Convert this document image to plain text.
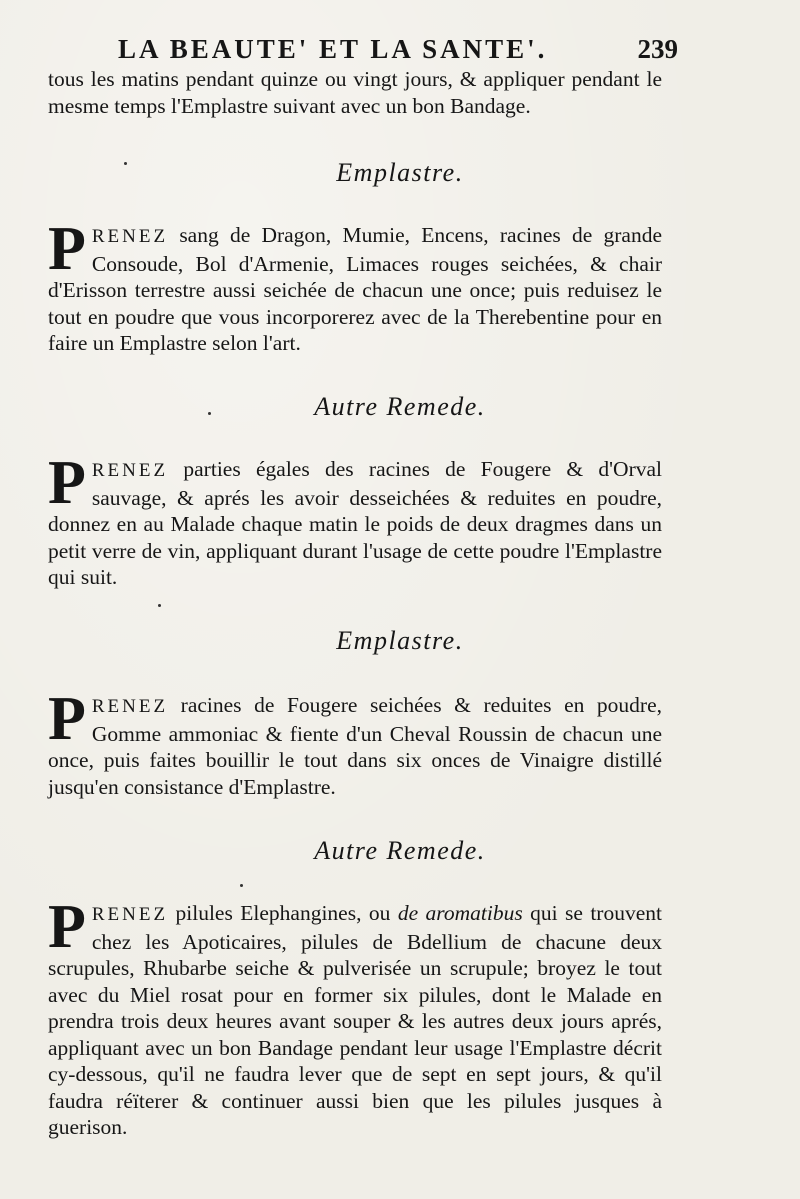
LA BEAUTE' ET LA SANTE'.	239
tous les matins pendant quinze ou vingt jours, & appliquer pendant le mesme temps l'Emplastre suivant avec un bon Bandage.
Emplastre.
PRENEZ sang de Dragon, Mumie, Encens, racines de grande Consoude, Bol d'Armenie, Limaces rouges seichées, & chair d'Erisson terrestre aussi seichée de chacun une once; puis reduisez le tout en poudre que vous incorporerez avec de la Therebentine pour en faire un Emplastre selon l'art.
Autre Remede.
PRENEZ parties égales des racines de Fougere & d'Orval sauvage, & aprés les avoir desseichées & reduites en poudre, donnez en au Malade chaque matin le poids de deux dragmes dans un petit verre de vin, appliquant durant l'usage de cette poudre l'Emplastre qui suit.
Emplastre.
PRENEZ racines de Fougere seichées & reduites en poudre, Gomme ammoniac & fiente d'un Cheval Roussin de chacun une once, puis faites bouillir le tout dans six onces de Vinaigre distillé jusqu'en consistance d'Emplastre.
Autre Remede.
PRENEZ pilules Elephangines, ou de aromatibus qui se trouvent chez les Apoticaires, pilules de Bdellium de chacune deux scrupules, Rhubarbe seiche & pulverisée un scrupule; broyez le tout avec du Miel rosat pour en former six pilules, dont le Malade en prendra trois deux heures avant souper & les autres deux jours aprés, appliquant avec un bon Bandage pendant leur usage l'Emplastre décrit cy-dessous, qu'il ne faudra lever que de sept en sept jours, & qu'il faudra réïterer & continuer aussi bien que les pilules jusques à guerison.
